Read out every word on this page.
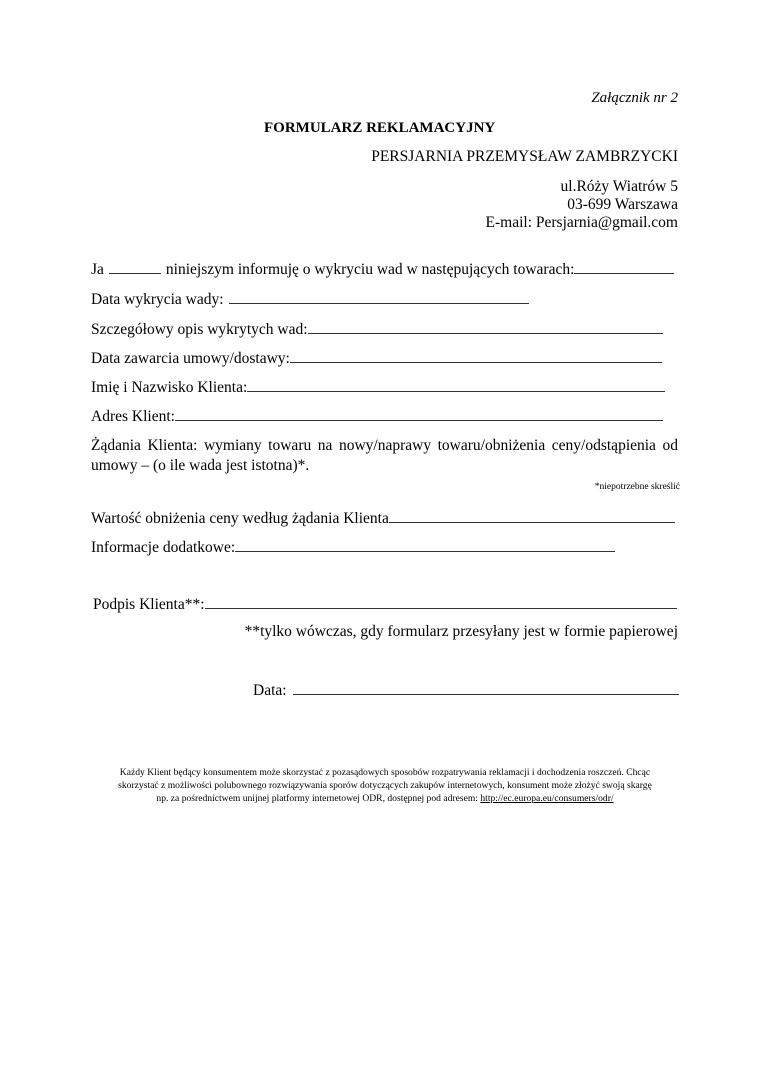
Załącznik nr 2
FORMULARZ REKLAMACYJNY
PERSJARNIA PRZEMYSŁAW ZAMBRZYCKI
ul.Róży Wiatrów 5
03-699 Warszawa
E-mail: Persjarnia@gmail.com
Ja	niniejszym informuję o wykryciu wad w następujących towarach:
Data wykrycia wady:
Szczegółowy opis wykrytych wad:
Data zawarcia umowy/dostawy:
Imię i Nazwisko Klienta:
Adres Klient:
Żądania Klienta: wymiany towaru na nowy/naprawy towaru/obniżenia ceny/odstąpienia od
umowy – (o ile wada jest istotna)*.
*niepotrzebne skreślić
Wartość obniżenia ceny według żądania Klienta
Informacje dodatkowe:
Podpis Klienta**:
**tylko wówczas, gdy formularz przesyłany jest w formie papierowej
Data:
Każdy Klient będący konsumentem może skorzystać z pozasądowych sposobów rozpatrywania reklamacji i dochodzenia roszczeń. Chcąc
skorzystać z możliwości polubownego rozwiązywania sporów dotyczących zakupów internetowych, konsument może złożyć swoją skargę
np. za pośrednictwem unijnej platformy internetowej ODR, dostępnej pod adresem: http://ec.europa.eu/consumers/odr/
